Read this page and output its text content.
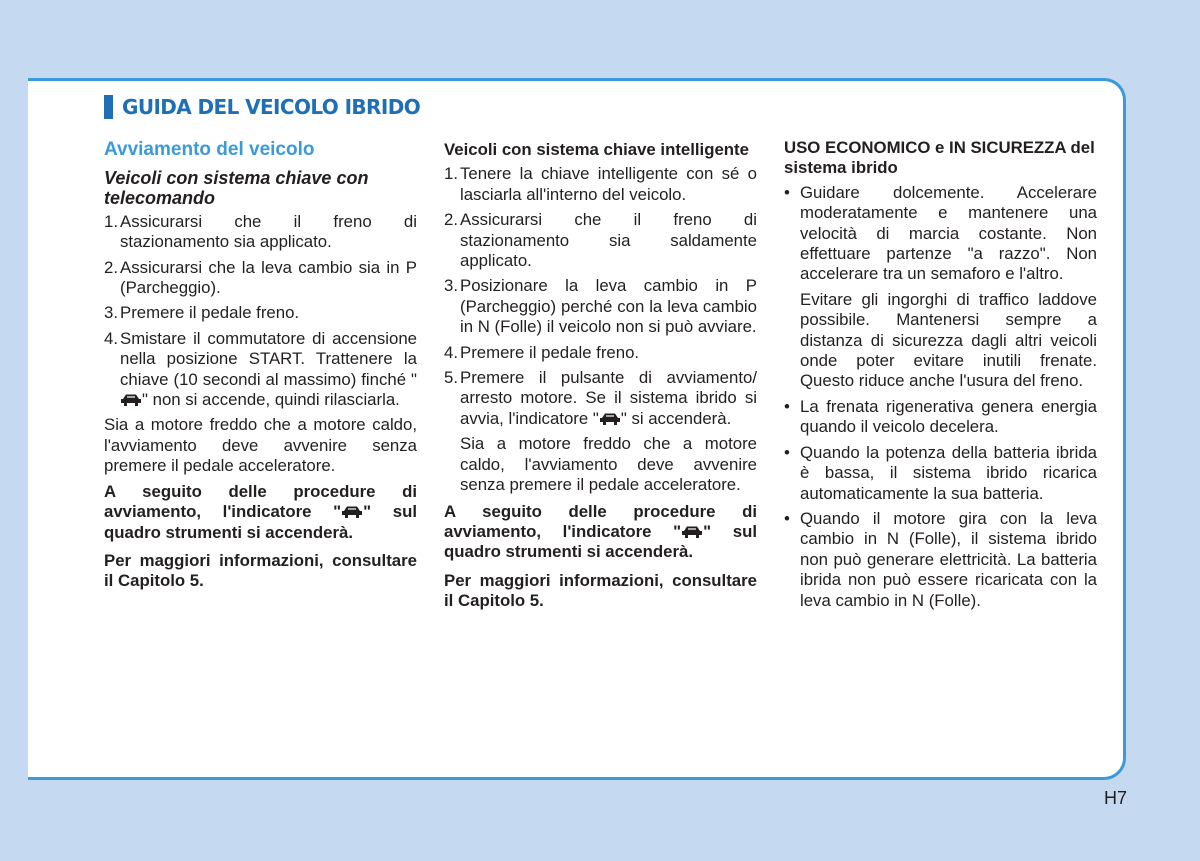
GUIDA DEL VEICOLO IBRIDO
Avviamento del veicolo
Veicoli con sistema chiave con telecomando
1. Assicurarsi che il freno di stazionamento sia applicato.
2. Assicurarsi che la leva cambio sia in P (Parcheggio).
3. Premere il pedale freno.
4. Smistare il commutatore di accensione nella posizione START. Trattenere la chiave (10 secondi al massimo) finché "" non si accende, quindi rilasciarla.

Sia a motore freddo che a motore caldo, l'avviamento deve avvenire senza premere il pedale acceleratore.

A seguito delle procedure di avviamento, l'indicatore " " sul quadro strumenti si accenderà.

Per maggiori informazioni, consultare il Capitolo 5.

Veicoli con sistema chiave intelligente
1. Tenere la chiave intelligente con sé o lasciarla all'interno del veicolo.
2. Assicurarsi che il freno di stazionamento sia saldamente applicato.
3. Posizionare la leva cambio in P (Parcheggio) perché con la leva cambio in N (Folle) il veicolo non si può avviare.
4. Premere il pedale freno.
5. Premere il pulsante di avviamento/ arresto motore. Se il sistema ibrido si avvia, l'indicatore " " si accenderà.

Sia a motore freddo che a motore caldo, l'avviamento deve avvenire senza premere il pedale acceleratore.

A seguito delle procedure di avviamento, l'indicatore " " sul quadro strumenti si accenderà.

Per maggiori informazioni, consultare il Capitolo 5.

USO ECONOMICO e IN SICUREZZA del sistema ibrido
• Guidare dolcemente. Accelerare moderatamente e mantenere una velocità di marcia costante. Non effettuare partenze "a razzo". Non accelerare tra un semaforo e l'altro.

Evitare gli ingorghi di traffico laddove possibile. Mantenersi sempre a distanza di sicurezza dagli altri veicoli onde poter evitare inutili frenate. Questo riduce anche l'usura del freno.

• La frenata rigenerativa genera energia quando il veicolo decelera.
• Quando la potenza della batteria ibrida è bassa, il sistema ibrido ricarica automaticamente la sua batteria.
• Quando il motore gira con la leva cambio in N (Folle), il sistema ibrido non può generare elettricità. La batteria ibrida non può essere ricaricata con la leva cambio in N (Folle).
H7
